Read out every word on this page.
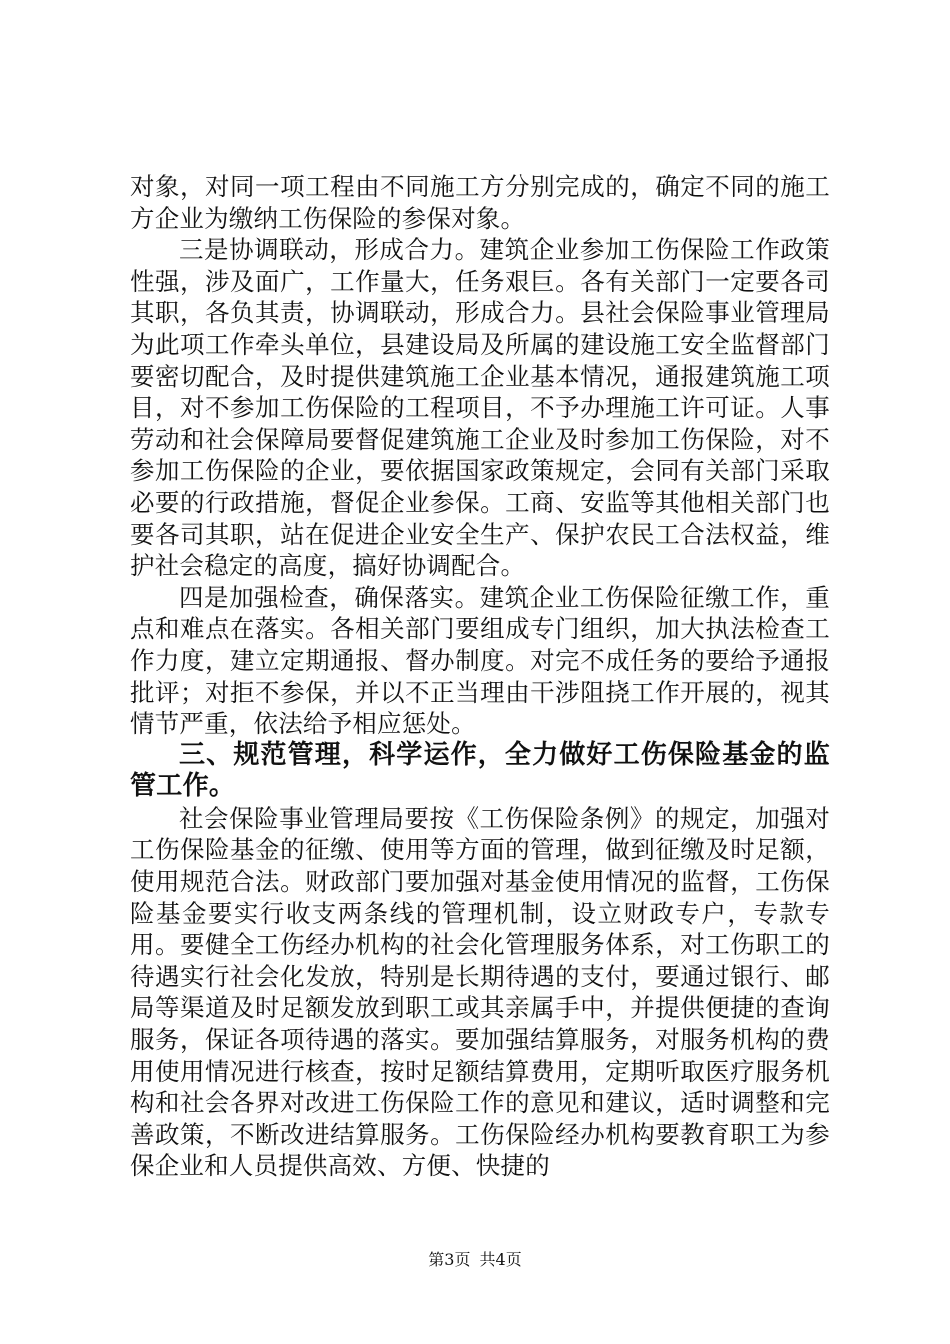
对象，对同一项工程由不同施工方分别完成的，确定不同的施工方企业为缴纳工伤保险的参保对象。

三是协调联动，形成合力。建筑企业参加工伤保险工作政策性强，涉及面广，工作量大，任务艰巨。各有关部门一定要各司其职，各负其责，协调联动，形成合力。县社会保险事业管理局为此项工作牵头单位，县建设局及所属的建设施工安全监督部门要密切配合，及时提供建筑施工企业基本情况，通报建筑施工项目，对不参加工伤保险的工程项目，不予办理施工许可证。人事劳动和社会保障局要督促建筑施工企业及时参加工伤保险，对不参加工伤保险的企业，要依据国家政策规定，会同有关部门采取必要的行政措施，督促企业参保。工商、安监等其他相关部门也要各司其职，站在促进企业安全生产、保护农民工合法权益，维护社会稳定的高度，搞好协调配合。

四是加强检查，确保落实。建筑企业工伤保险征缴工作，重点和难点在落实。各相关部门要组成专门组织，加大执法检查工作力度，建立定期通报、督办制度。对完不成任务的要给予通报批评；对拒不参保，并以不正当理由干涉阻挠工作开展的，视其情节严重，依法给予相应惩处。

三、规范管理，科学运作，全力做好工伤保险基金的监管工作。

社会保险事业管理局要按《工伤保险条例》的规定，加强对工伤保险基金的征缴、使用等方面的管理，做到征缴及时足额，使用规范合法。财政部门要加强对基金使用情况的监督，工伤保险基金要实行收支两条线的管理机制，设立财政专户，专款专用。要健全工伤经办机构的社会化管理服务体系，对工伤职工的待遇实行社会化发放，特别是长期待遇的支付，要通过银行、邮局等渠道及时足额发放到职工或其亲属手中，并提供便捷的查询服务，保证各项待遇的落实。要加强结算服务，对服务机构的费用使用情况进行核查，按时足额结算费用，定期听取医疗服务机构和社会各界对改进工伤保险工作的意见和建议，适时调整和完善政策，不断改进结算服务。工伤保险经办机构要教育职工为参保企业和人员提供高效、方便、快捷的

第3页 共4页
